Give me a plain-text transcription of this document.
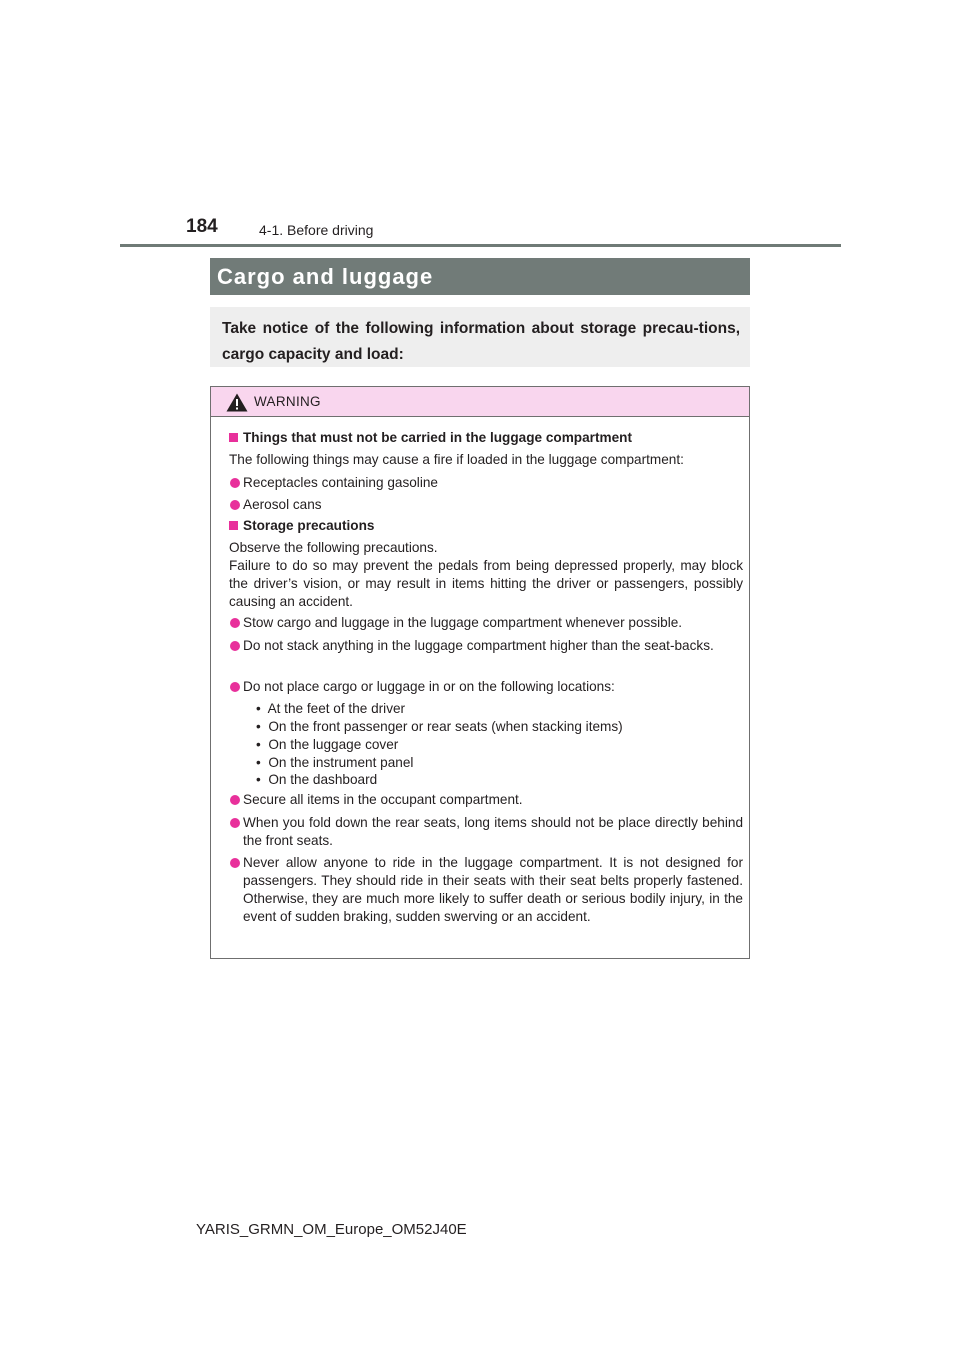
184	4-1. Before driving
Cargo and luggage
Take notice of the following information about storage precau-tions, cargo capacity and load:
WARNING
Things that must not be carried in the luggage compartment
The following things may cause a fire if loaded in the luggage compartment:
Receptacles containing gasoline
Aerosol cans
Storage precautions
Observe the following precautions.
Failure to do so may prevent the pedals from being depressed properly, may block the driver’s vision, or may result in items hitting the driver or passengers, possibly causing an accident.
Stow cargo and luggage in the luggage compartment whenever possible.
Do not stack anything in the luggage compartment higher than the seat-backs.
Do not place cargo or luggage in or on the following locations:
•  At the feet of the driver
•  On the front passenger or rear seats (when stacking items)
•  On the luggage cover
•  On the instrument panel
•  On the dashboard
Secure all items in the occupant compartment.
When you fold down the rear seats, long items should not be place directly behind the front seats.
Never allow anyone to ride in the luggage compartment. It is not designed for passengers. They should ride in their seats with their seat belts properly fastened. Otherwise, they are much more likely to suffer death or serious bodily injury, in the event of sudden braking, sudden swerving or an accident.
YARIS_GRMN_OM_Europe_OM52J40E
